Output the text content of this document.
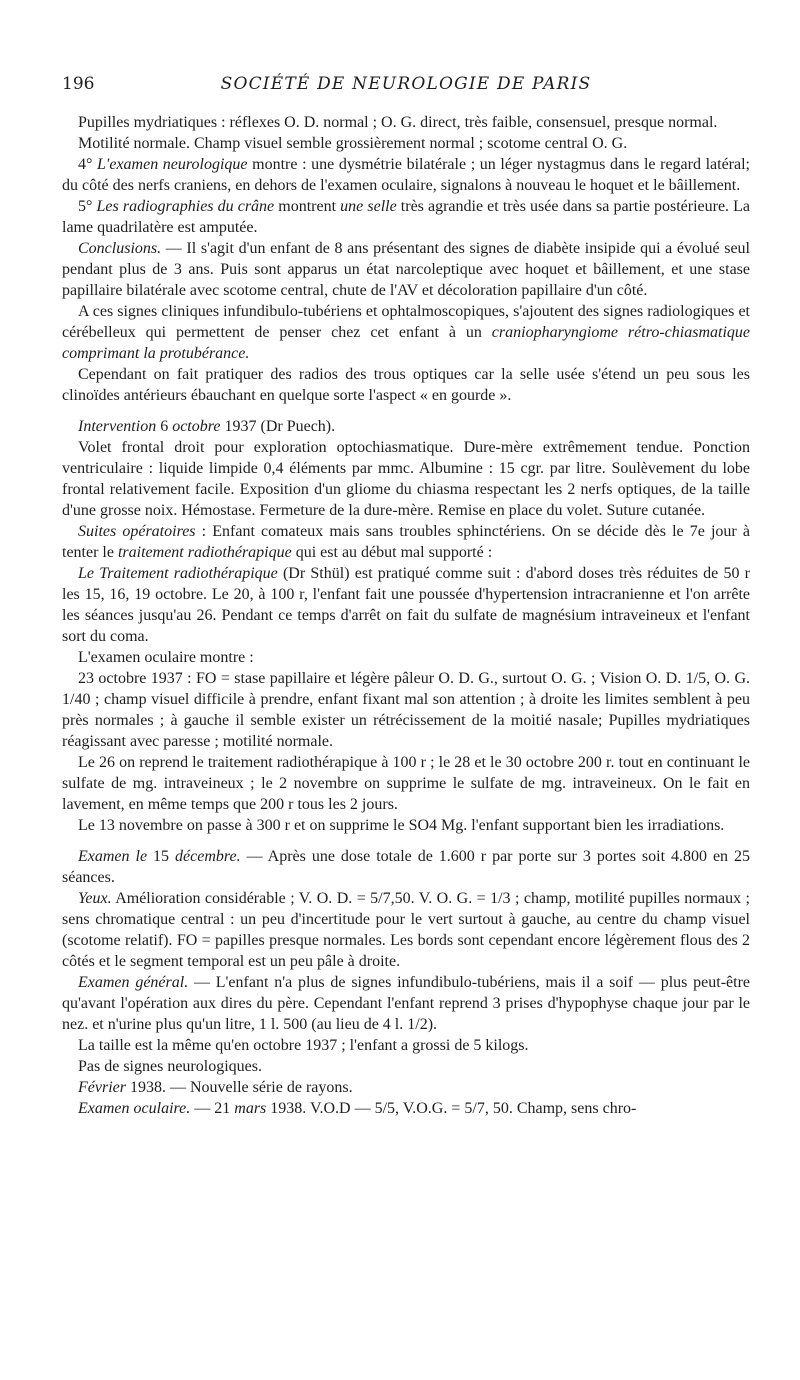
196	SOCIÉTÉ DE NEUROLOGIE DE PARIS

Pupilles mydriatiques : réflexes O. D. normal ; O. G. direct, très faible, consensuel, presque normal.

Motilité normale. Champ visuel semble grossièrement normal ; scotome central O. G.

4° L'examen neurologique montre : une dysmétrie bilatérale ; un léger nystagmus dans le regard latéral; du côté des nerfs craniens, en dehors de l'examen oculaire, signalons à nouveau le hoquet et le bâillement.

5° Les radiographies du crâne montrent une selle très agrandie et très usée dans sa partie postérieure. La lame quadrilatère est amputée.

Conclusions. — Il s'agit d'un enfant de 8 ans présentant des signes de diabète insipide qui a évolué seul pendant plus de 3 ans. Puis sont apparus un état narcoleptique avec hoquet et bâillement, et une stase papillaire bilatérale avec scotome central, chute de l'AV et décoloration papillaire d'un côté.

A ces signes cliniques infundibulo-tubériens et ophtalmoscopiques, s'ajoutent des signes radiologiques et cérébelleux qui permettent de penser chez cet enfant à un craniopharyngiome rétro-chiasmatique comprimant la protubérance.

Cependant on fait pratiquer des radios des trous optiques car la selle usée s'étend un peu sous les clinoïdes antérieurs ébauchant en quelque sorte l'aspect « en gourde ».

Intervention 6 octobre 1937 (Dr Puech).

Volet frontal droit pour exploration optochiasmatique. Dure-mère extrêmement tendue. Ponction ventriculaire : liquide limpide 0,4 éléments par mmc. Albumine : 15 cgr. par litre. Soulèvement du lobe frontal relativement facile. Exposition d'un gliome du chiasma respectant les 2 nerfs optiques, de la taille d'une grosse noix. Hémostase. Fermeture de la dure-mère. Remise en place du volet. Suture cutanée.

Suites opératoires : Enfant comateux mais sans troubles sphinctériens. On se décide dès le 7e jour à tenter le traitement radiothérapique qui est au début mal supporté :

Le Traitement radiothérapique (Dr Sthül) est pratiqué comme suit : d'abord doses très réduites de 50 r les 15, 16, 19 octobre. Le 20, à 100 r, l'enfant fait une poussée d'hypertension intracranienne et l'on arrête les séances jusqu'au 26. Pendant ce temps d'arrêt on fait du sulfate de magnésium intraveineux et l'enfant sort du coma.

L'examen oculaire montre :

23 octobre 1937 : FO = stase papillaire et légère pâleur O. D. G., surtout O. G. ; Vision O. D. 1/5, O. G. 1/40 ; champ visuel difficile à prendre, enfant fixant mal son attention ; à droite les limites semblent à peu près normales ; à gauche il semble exister un rétrécissement de la moitié nasale; Pupilles mydriatiques réagissant avec paresse ; motilité normale.

Le 26 on reprend le traitement radiothérapique à 100 r ; le 28 et le 30 octobre 200 r. tout en continuant le sulfate de mg. intraveineux ; le 2 novembre on supprime le sulfate de mg. intraveineux. On le fait en lavement, en même temps que 200 r tous les 2 jours.

Le 13 novembre on passe à 300 r et on supprime le SO4 Mg. l'enfant supportant bien les irradiations.

Examen le 15 décembre. — Après une dose totale de 1.600 r par porte sur 3 portes soit 4.800 en 25 séances.

Yeux. Amélioration considérable ; V. O. D. = 5/7,50. V. O. G. = 1/3 ; champ, motilité pupilles normaux ; sens chromatique central : un peu d'incertitude pour le vert surtout à gauche, au centre du champ visuel (scotome relatif). FO = papilles presque normales. Les bords sont cependant encore légèrement flous des 2 côtés et le segment temporal est un peu pâle à droite.

Examen général. — L'enfant n'a plus de signes infundibulo-tubériens, mais il a soif — plus peut-être qu'avant l'opération aux dires du père. Cependant l'enfant reprend 3 prises d'hypophyse chaque jour par le nez. et n'urine plus qu'un litre, 1 l. 500 (au lieu de 4 l. 1/2).

La taille est la même qu'en octobre 1937 ; l'enfant a grossi de 5 kilogs.

Pas de signes neurologiques.

Février 1938. — Nouvelle série de rayons.

Examen oculaire. — 21 mars 1938. V.O.D — 5/5, V.O.G. = 5/7, 50. Champ, sens chro-
